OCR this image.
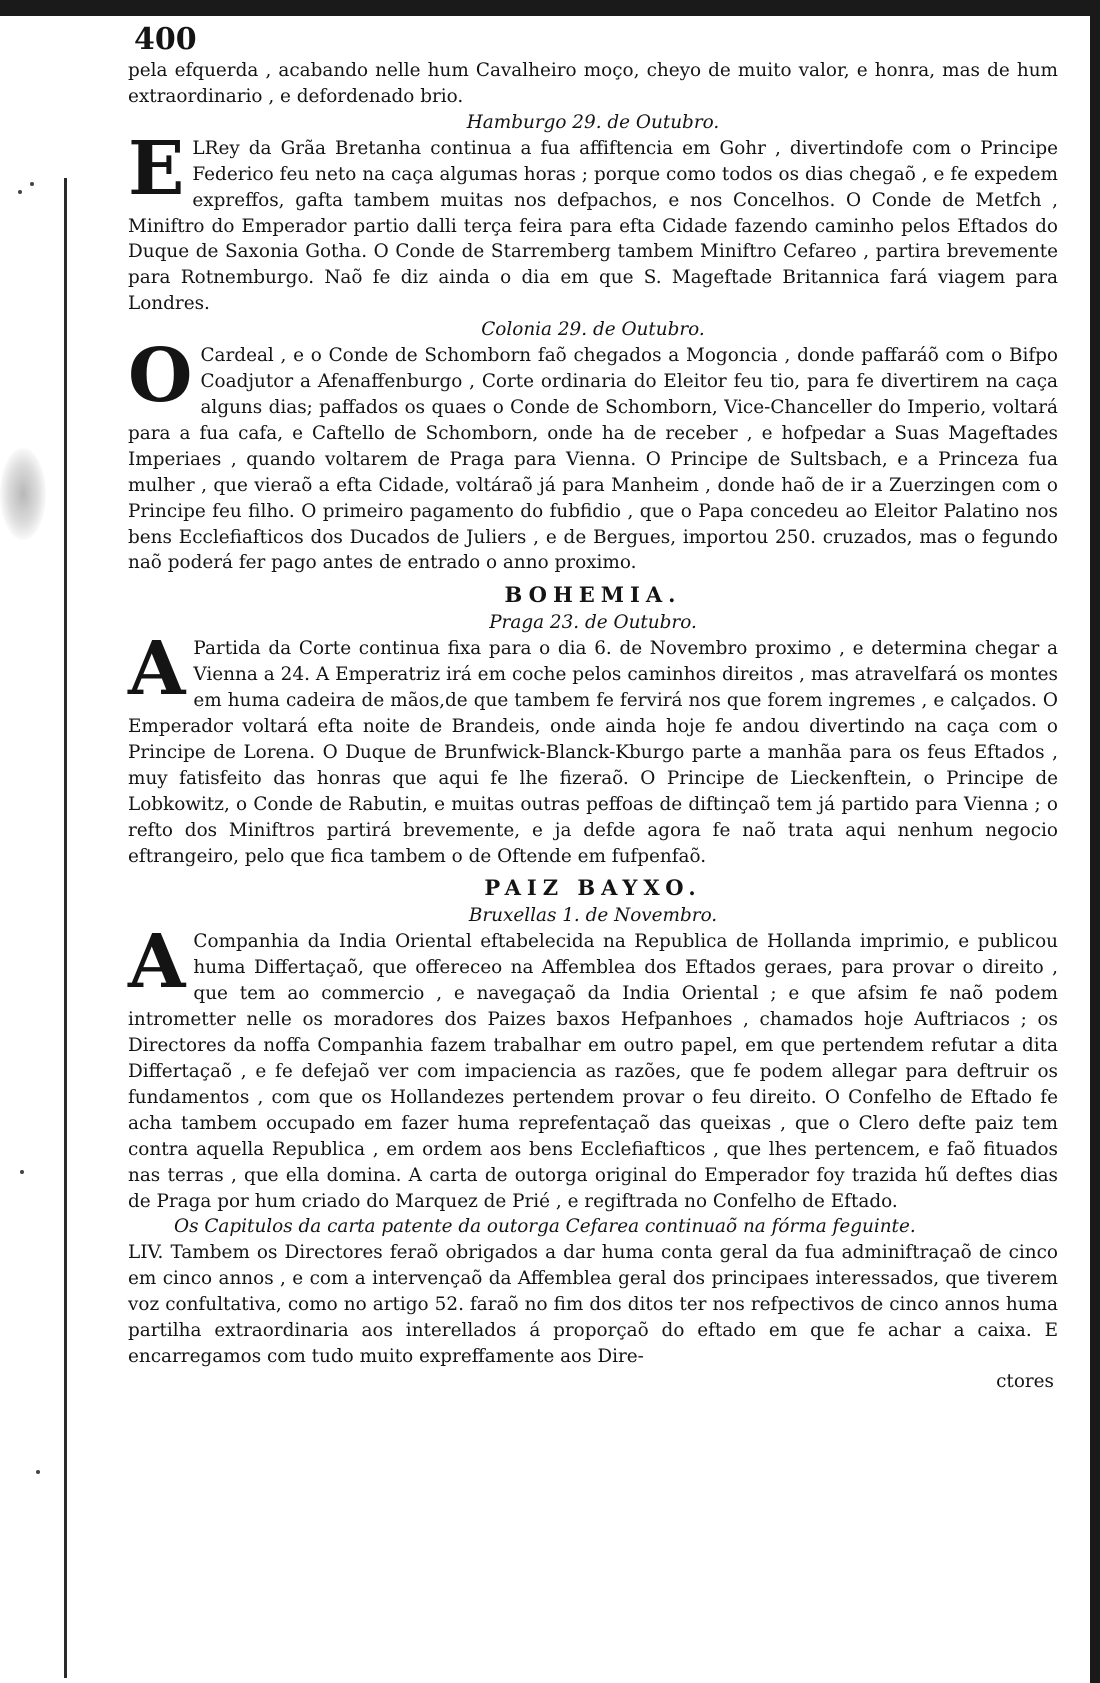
400

pela efquerda , acabando nelle hum Cavalheiro moço, cheyo de muito valor, e honra, mas de hum extraordinario , e defordenado brio.

Hamburgo 29. de Outubro.

E LRey da Grãa Bretanha continua a fua affiftencia em Gohr , divertindofe com o Principe Federico feu neto na caça algumas horas ; porque como todos os dias chegaõ , e fe expedem expreffos, gafta tambem muitas nos defpachos, e nos Concelhos. O Conde de Metfch , Miniftro do Emperador partio dalli terça feira para efta Cidade fazendo caminho pelos Eftados do Duque de Saxonia Gotha. O Conde de Starremberg tambem Miniftro Cefareo , partira brevemente para Rotnemburgo. Naõ fe diz ainda o dia em que S. Mageftade Britannica fará viagem para Londres.

Colonia 29. de Outubro.

O Cardeal , e o Conde de Schomborn faõ chegados a Mogoncia , donde paffaráõ com o Bifpo Coadjutor a Afenaffenburgo , Corte ordinaria do Eleitor feu tio, para fe divertirem na caça alguns dias; paffados os quaes o Conde de Schomborn, Vice-Chanceller do Imperio, voltará para a fua cafa, e Caftello de Schomborn, onde ha de receber , e hofpedar a Suas Mageftades Imperiaes , quando voltarem de Praga para Vienna. O Principe de Sultsbach, e a Princeza fua mulher , que vieraõ a efta Cidade, voltáraõ já para Manheim , donde haõ de ir a Zuerzingen com o Principe feu filho. O primeiro pagamento do fubfidio , que o Papa concedeu ao Eleitor Palatino nos bens Ecclefiafticos dos Ducados de Juliers , e de Bergues, importou 250. cruzados, mas o fegundo naõ poderá fer pago antes de entrado o anno proximo.

BOHEMIA.
Praga 23. de Outubro.

A Partida da Corte continua fixa para o dia 6. de Novembro proximo , e determina chegar a Vienna a 24. A Emperatriz irá em coche pelos caminhos direitos , mas atravelfará os montes em huma cadeira de mãos,de que tambem fe fervirá nos que forem ingremes , e calçados. O Emperador voltará efta noite de Brandeis, onde ainda hoje fe andou divertindo na caça com o Principe de Lorena. O Duque de Brunfwick-Blanck-Kburgo parte a manhãa para os feus Eftados , muy fatisfeito das honras que aqui fe lhe fizeraõ. O Principe de Lieckenftein, o Principe de Lobkowitz, o Conde de Rabutin, e muitas outras peffoas de diftinçaõ tem já partido para Vienna ; o refto dos Miniftros partirá brevemente, e ja defde agora fe naõ trata aqui nenhum negocio eftrangeiro, pelo que fica tambem o de Oftende em fufpenfaõ.

PAIZ BAYXO.
Bruxellas 1. de Novembro.

A Companhia da India Oriental eftabelecida na Republica de Hollanda imprimio, e publicou huma Differtaçaõ, que offereceo na Affemblea dos Eftados geraes, para provar o direito , que tem ao commercio , e navegaçaõ da India Oriental ; e que afsim fe naõ podem intrometter nelle os moradores dos Paizes baxos Hefpanhoes , chamados hoje Auftriacos ; os Directores da noffa Companhia fazem trabalhar em outro papel, em que pertendem refutar a dita Differtaçaõ , e fe defejaõ ver com impaciencia as razões, que fe podem allegar para deftruir os fundamentos , com que os Hollandezes pertendem provar o feu direito. O Confelho de Eftado fe acha tambem occupado em fazer huma reprefentaçaõ das queixas , que o Clero defte paiz tem contra aquella Republica , em ordem aos bens Ecclefiafticos , que lhes pertencem, e faõ fituados nas terras , que ella domina. A carta de outorga original do Emperador foy trazida hű deftes dias de Praga por hum criado do Marquez de Prié , e regiftrada no Confelho de Eftado.

Os Capitulos da carta patente da outorga Cefarea continuaõ na fórma feguinte.

LIV. Tambem os Directores feraõ obrigados a dar huma conta geral da fua adminiftraçaõ de cinco em cinco annos , e com a intervençaõ da Affemblea geral dos principaes interessados, que tiverem voz confultativa, como no artigo 52. faraõ no fim dos ditos ter nos refpectivos de cinco annos huma partilha extraordinaria aos interellados á proporçaõ do eftado em que fe achar a caixa. E encarregamos com tudo muito expreffamente aos Dire-

ctores
